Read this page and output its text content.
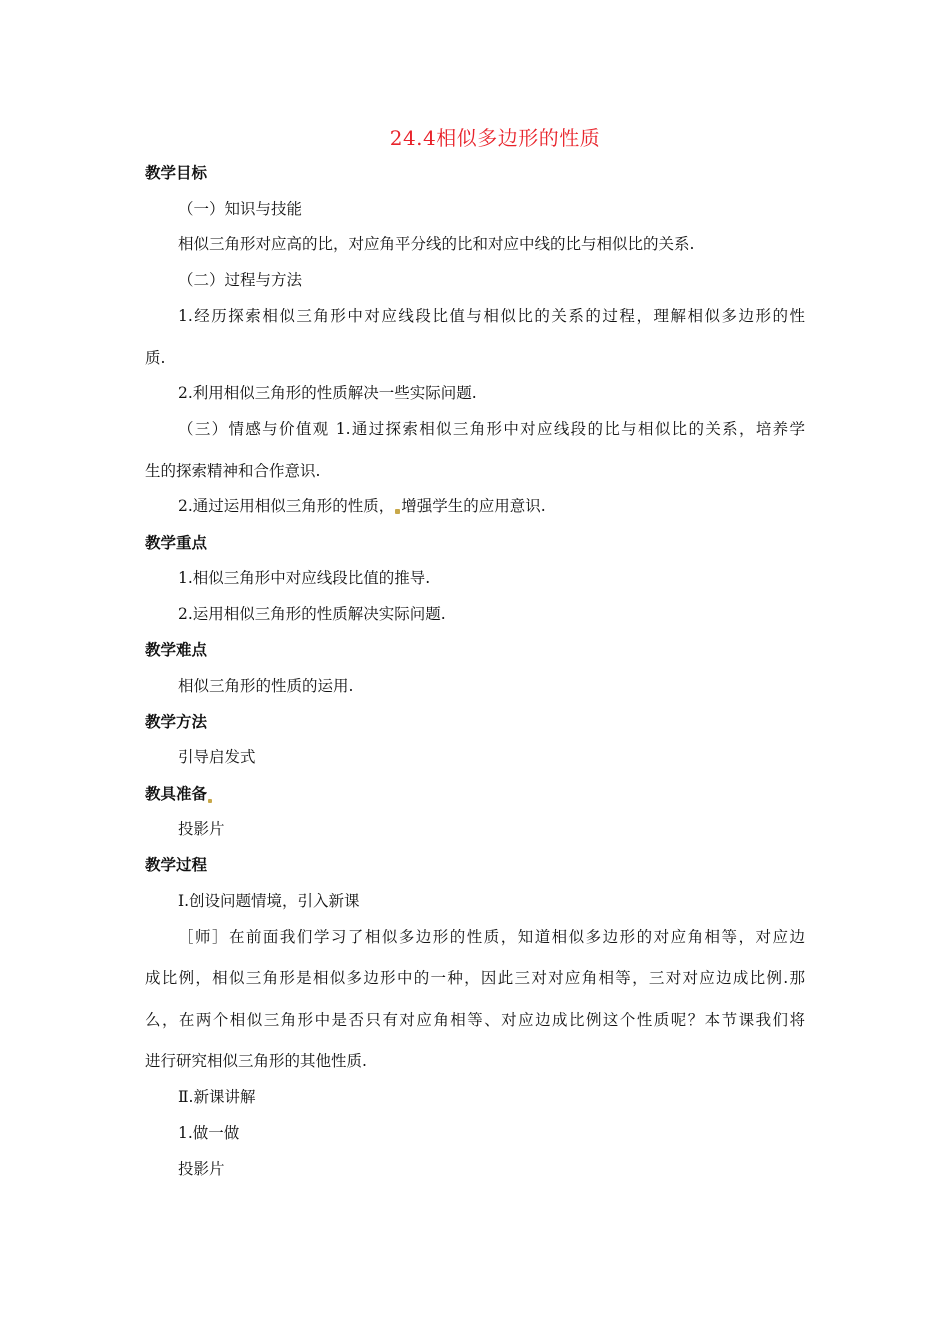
24.4相似多边形的性质
教学目标
（一）知识与技能
相似三角形对应高的比，对应角平分线的比和对应中线的比与相似比的关系.
（二）过程与方法
1.经历探索相似三角形中对应线段比值与相似比的关系的过程，理解相似多边形的性
质.
2.利用相似三角形的性质解决一些实际问题.
（三）情感与价值观 1.通过探索相似三角形中对应线段的比与相似比的关系，培养学
生的探索精神和合作意识.
2.通过运用相似三角形的性质， 增强学生的应用意识.
教学重点
1.相似三角形中对应线段比值的推导.
2.运用相似三角形的性质解决实际问题.
教学难点
相似三角形的性质的运用.
教学方法
引导启发式
教具准备
投影片
教学过程
Ⅰ.创设问题情境，引入新课
［师］在前面我们学习了相似多边形的性质，知道相似多边形的对应角相等，对应边
成比例，相似三角形是相似多边形中的一种，因此三对对应角相等，三对对应边成比例.那
么，在两个相似三角形中是否只有对应角相等、对应边成比例这个性质呢？本节课我们将
进行研究相似三角形的其他性质.
Ⅱ.新课讲解
1.做一做
投影片
